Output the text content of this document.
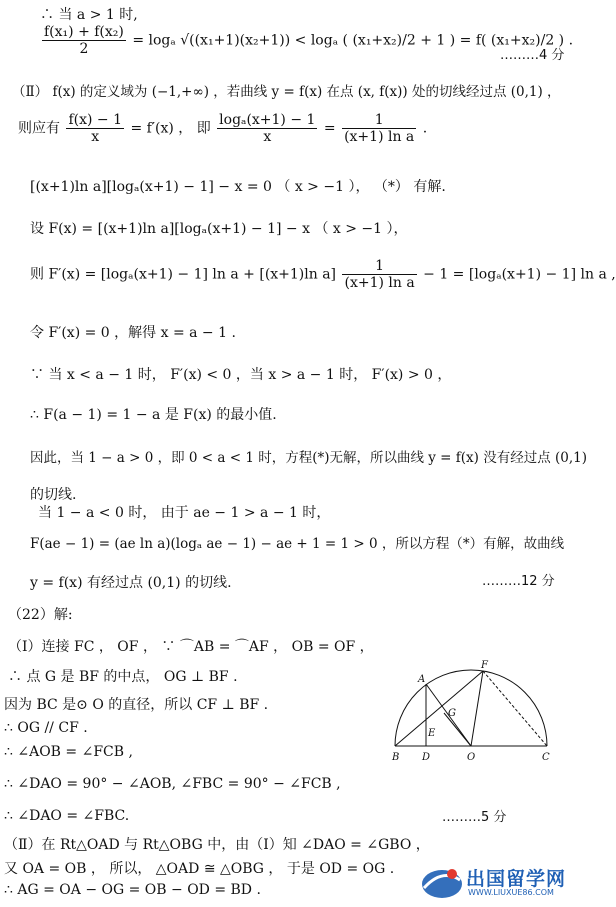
∴ 当 a > 1 时,
$\frac{\text{f(x₁) + f(x₂)}}{2} = \log_a$ √((x₁+1)(x₂+1)) < logₐ ( (x₁+x₂)/2 + 1 ) = f( (x₁+x₂)/2 ) .
………4 分
（Ⅱ） f(x) 的定义域为 (−1,+∞) ，若曲线 y = f(x) 在点 (x, f(x)) 处的切线经过点 (0,1) ，
则应有 $\frac{f(x) - 1}{x} = f'(x)$ ， 即 $\frac{\text{logₐ(x+1) − 1}}{x} = \frac{1}{\text{(x+1) ln a}}$ .
[(x+1)ln a][logₐ(x+1) − 1] − x = 0 （ x > −1 ）， （*） 有解.
设 F(x) = [(x+1)ln a][logₐ(x+1) − 1] − x （ x > −1 ），
则 F′(x) = [logₐ(x+1) − 1] ln a + [(x+1)ln $a] \frac{1}{\text{(x+1) ln a}} - 1 = [\log_a(x+1) - 1]$ ln a ,
令 F′(x) = 0 ，解得 x = a − 1 .
∵ 当 x < a − 1 时， F′(x) < 0 ，当 x > a − 1 时， F′(x) > 0 ，
∴ F(a − 1) = 1 − a 是 F(x) 的最小值.
因此，当 1 − a > 0 ，即 0 < a < 1 时，方程(*)无解，所以曲线 y = f(x) 没有经过点 (0,1)
的切线.
当 1 − a < 0 时， 由于 ae − 1 > a − 1 时，
F(ae − 1) = (ae ln a)(logₐ ae − 1) − ae + 1 = 1 > 0 ，所以方程（*）有解，故曲线
y = f(x) 有经过点 (0,1) 的切线.	………12 分
（22）解:
（Ⅰ）连接 FC ， OF ， ∵ ⌒AB = ⌒AF ， OB = OF ，
∴ 点 G 是 BF 的中点， OG ⊥ BF .
因为 BC 是⊙ O 的直径，所以 CF ⊥ BF .
∴ OG // CF .
∴ ∠AOB = ∠FCB ,
∴ ∠DAO = 90° − ∠AOB, ∠FBC = 90° − ∠FCB ,
∴ ∠DAO = ∠FBC.	………5 分
（Ⅱ）在 Rt△OAD 与 Rt△OBG 中，由（Ⅰ）知 ∠DAO = ∠GBO ，
又 OA = OB ， 所以， △OAD ≅ △OBG ， 于是 OD = OG .
∴ AG = OA − OG = OB − OD = BD .
A
B	C
D
E
F
G
O
出国留学网
WWW.LIUXUE86.COM
